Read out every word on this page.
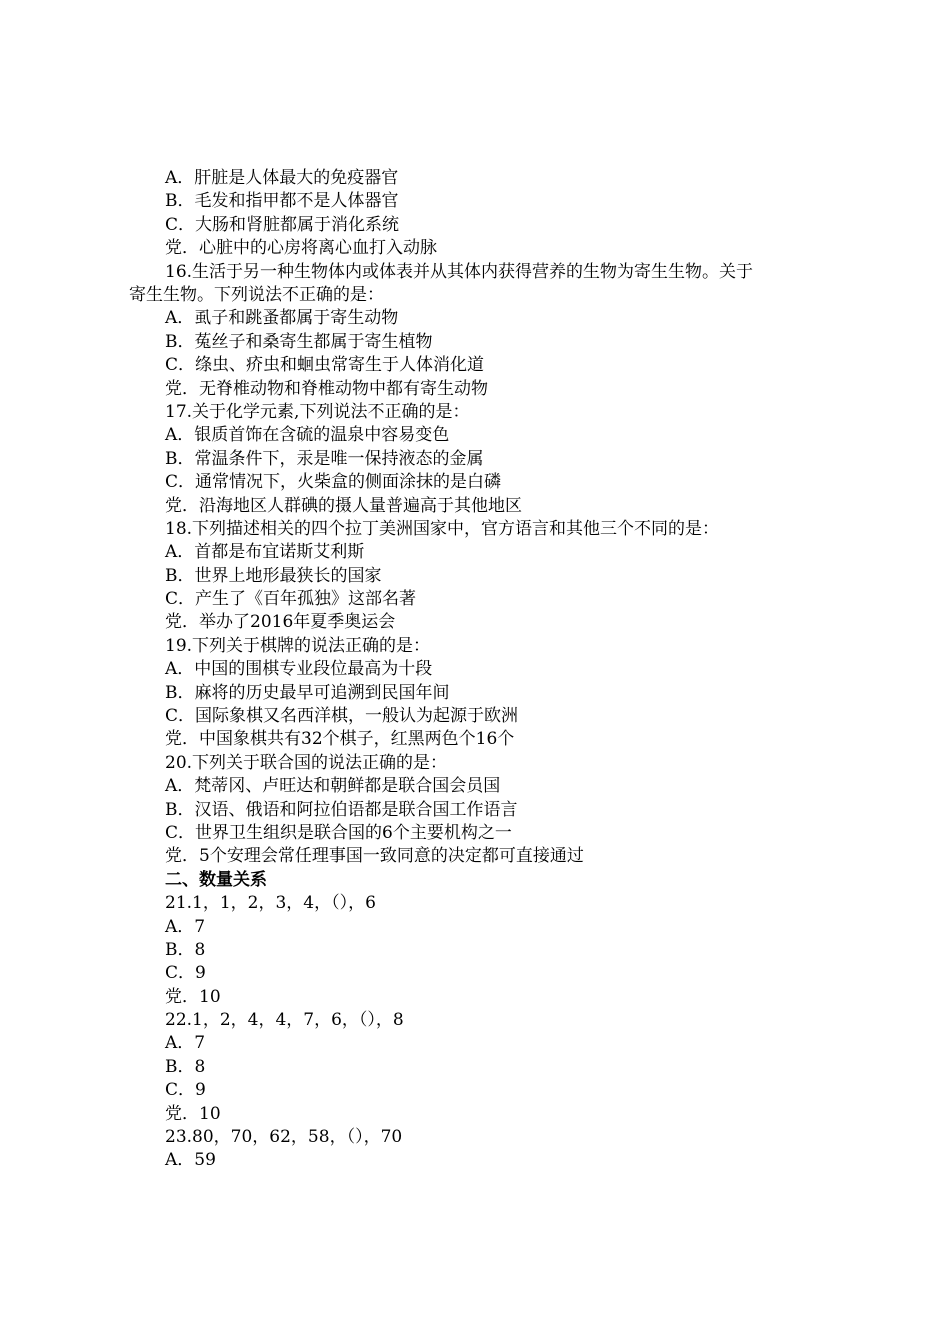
A．肝脏是人体最大的免疫器官
B．毛发和指甲都不是人体器官
C．大肠和肾脏都属于消化系统
党．心脏中的心房将离心血打入动脉
16.生活于另一种生物体内或体表并从其体内获得营养的生物为寄生生物。关于
寄生生物。下列说法不正确的是：
A．虱子和跳蚤都属于寄生动物
B．菟丝子和桑寄生都属于寄生植物
C．绦虫、疥虫和蛔虫常寄生于人体消化道
党．无脊椎动物和脊椎动物中都有寄生动物
17.关于化学元素,下列说法不正确的是：
A．银质首饰在含硫的温泉中容易变色
B．常温条件下，汞是唯一保持液态的金属
C．通常情况下，火柴盒的侧面涂抹的是白磷
党．沿海地区人群碘的摄人量普遍高于其他地区
18.下列描述相关的四个拉丁美洲国家中，官方语言和其他三个不同的是：
A．首都是布宜诺斯艾利斯
B．世界上地形最狭长的国家
C．产生了《百年孤独》这部名著
党．举办了2016年夏季奥运会
19.下列关于棋牌的说法正确的是：
A．中国的围棋专业段位最高为十段
B．麻将的历史最早可追溯到民国年间
C．国际象棋又名西洋棋，一般认为起源于欧洲
党．中国象棋共有32个棋子，红黑两色个16个
20.下列关于联合国的说法正确的是：
A．梵蒂冈、卢旺达和朝鲜都是联合国会员国
B．汉语、俄语和阿拉伯语都是联合国工作语言
C．世界卫生组织是联合国的6个主要机构之一
党．5个安理会常任理事国一致同意的决定都可直接通过
二、数量关系
21.1，1，2，3，4，（），6
A．7
B．8
C．9
党．10
22.1，2，4，4，7，6，（），8
A．7
B．8
C．9
党．10
23.80，70，62，58，（），70
A．59
